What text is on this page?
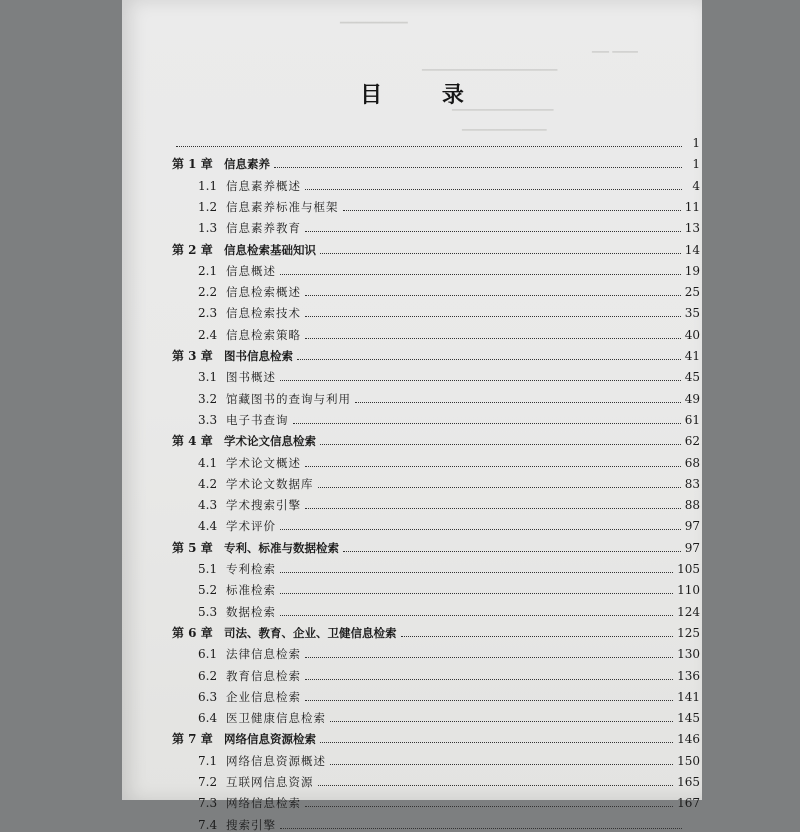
▔▔▔▔▔▔▔▔
▁▁ ▁▁▁
▁▁▁▁▁▁▁▁▁▁▁▁▁▁▁▁
▁▁▁▁▁▁▁▁▁▁▁▁
▁▁▁▁▁▁▁▁▁▁
目 录
1
第 1 章 信息素养	1
1.1 信息素养概述	4
1.2 信息素养标准与框架	11
1.3 信息素养教育	13
第 2 章 信息检索基础知识	14
2.1 信息概述	19
2.2 信息检索概述	25
2.3 信息检索技术	35
2.4 信息检索策略	40
第 3 章 图书信息检索	41
3.1 图书概述	45
3.2 馆藏图书的查询与利用	49
3.3 电子书查询	61
第 4 章 学术论文信息检索	62
4.1 学术论文概述	68
4.2 学术论文数据库	83
4.3 学术搜索引擎	88
4.4 学术评价	97
第 5 章 专利、标准与数据检索	97
5.1 专利检索	105
5.2 标准检索	110
5.3 数据检索	124
第 6 章 司法、教育、企业、卫健信息检索	125
6.1 法律信息检索	130
6.2 教育信息检索	136
6.3 企业信息检索	141
6.4 医卫健康信息检索	145
第 7 章 网络信息资源检索	146
7.1 网络信息资源概述	150
7.2 互联网信息资源	165
7.3 网络信息检索	167
7.4 搜索引擎
